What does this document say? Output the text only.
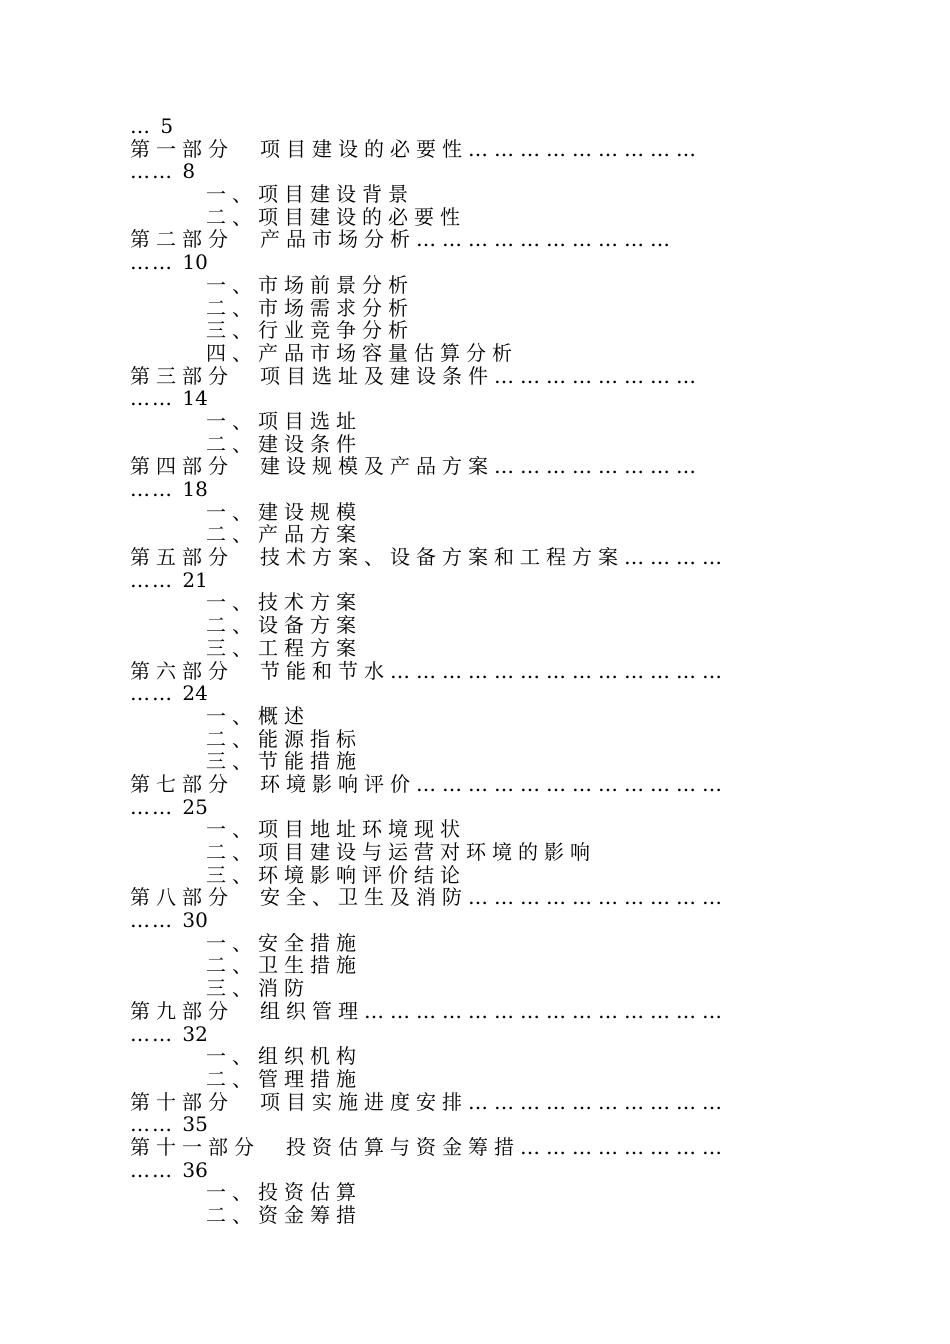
… 5
第一部分　项目建设的必要性………………………
…… 8
一、项目建设背景
二、项目建设的必要性
第二部分　产品市场分析…………………………
…… 10
一、市场前景分析
二、市场需求分析
三、行业竞争分析
四、产品市场容量估算分析
第三部分　项目选址及建设条件……………………
…… 14
一、项目选址
二、建设条件
第四部分　建设规模及产品方案……………………
…… 18
一、建设规模
二、产品方案
第五部分　技术方案、设备方案和工程方案…………
…… 21
一、技术方案
二、设备方案
三、工程方案
第六部分　节能和节水…………………………………
…… 24
一、概述
二、能源指标
三、节能措施
第七部分　环境影响评价………………………………
…… 25
一、项目地址环境现状
二、项目建设与运营对环境的影响
三、环境影响评价结论
第八部分　安全、卫生及消防…………………………
…… 30
一、安全措施
二、卫生措施
三、消防
第九部分　组织管理……………………………………
…… 32
一、组织机构
二、管理措施
第十部分　项目实施进度安排…………………………
…… 35
第十一部分　投资估算与资金筹措……………………
…… 36
一、投资估算
二、资金筹措
